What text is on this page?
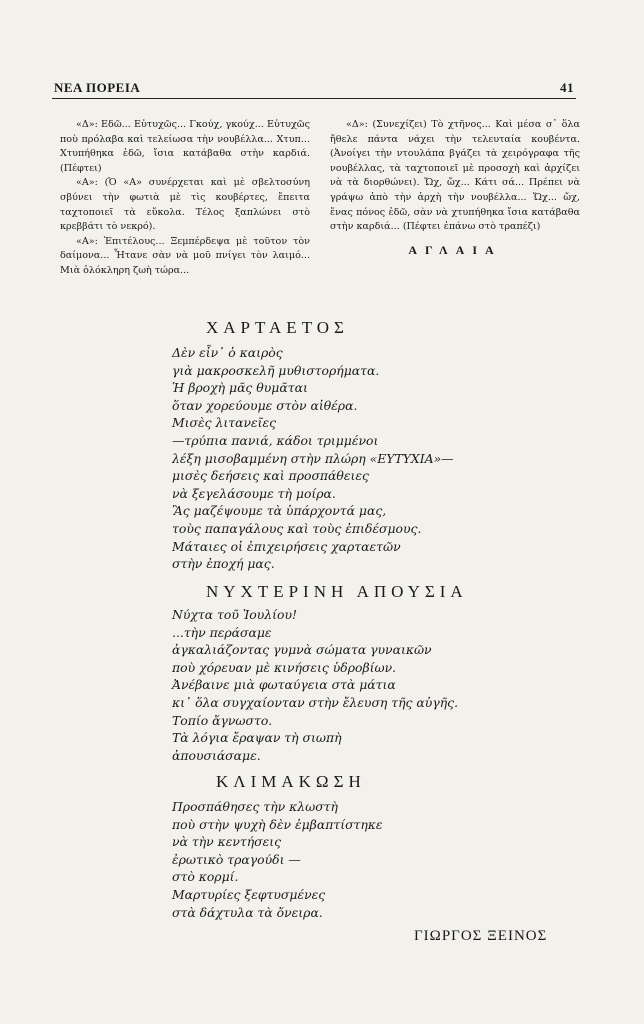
ΝΕΑ ΠΟΡΕΙΑ	41

«Δ»: Εδῶ... Εὐτυχῶς... Γκούχ, γκούχ... Εὐτυχῶς ποὺ πρόλαβα καὶ τελείωσα τὴν νουβέλλα... Χτυπ... Χτυπήθηκα ἐδῶ, ἴσια κατάβαθα στὴν καρδιά. (Πέφτει)

«Α»: (Ὁ «Α» συνέρχεται καὶ μὲ σβελτοσύνη σβύνει τὴν φωτιὰ μὲ τὶς κουβέρτες, ἔπειτα ταχτοποιεῖ τὰ εὔκολα. Τέλος ξαπλώνει στὸ κρεββάτι τὸ νεκρό).

«Α»: Ἐπιτέλους... Ξεμπέρδεψα μὲ τοῦτον τὸν δαίμονα... Ἦτανε σὰν νὰ μοῦ πνίγει τὸν λαιμό... Μιὰ ὁλόκληρη ζωὴ τώρα...

«Δ»: (Συνεχίζει) Τὸ χτῆνος... Καὶ μέσα σ᾽ ὅλα ἤθελε πάντα νάχει τὴν τελευταία κουβέντα. (Ἀνοίγει τὴν ντουλάπα βγάζει τὰ χειρόγραφα τῆς νουβέλλας, τὰ ταχτοποιεῖ μὲ προσοχὴ καὶ ἀρχίζει νὰ τὰ διορθώνει). Ὤχ, ὤχ... Κάτι σά... Πρέπει νὰ γράψω ἀπὸ τὴν ἀρχὴ τὴν νουβέλλα... Ὤχ... ὤχ, ἕνας πόνος ἐδῶ, σὰν νὰ χτυπήθηκα ἴσια κατάβαθα στὴν καρδιά... (Πέφτει ἐπάνω στὸ τραπέζι)

ΑΓΛΑΙΑ
ΧΑΡΤΑΕΤΟΣ
Δὲν εἶν᾽ ὁ καιρὸς
γιὰ μακροσκελῆ μυθιστορήματα.
Ἡ βροχὴ μᾶς θυμᾶται
ὅταν χορεύουμε στὸν αἰθέρα.
Μισὲς λιτανεῖες
—τρύπια πανιά, κάδοι τριμμένοι
λέξη μισοβαμμένη στὴν πλώρη «ΕΥΤΥΧΙΑ»—
μισὲς δεήσεις καὶ προσπάθειες
νὰ ξεγελάσουμε τὴ μοίρα.
Ἂς μαζέψουμε τὰ ὑπάρχοντά μας,
τοὺς παπαγάλους καὶ τοὺς ἐπιδέσμους.
Μάταιες οἱ ἐπιχειρήσεις χαρταετῶν
στὴν ἐποχή μας.
ΝΥΧΤΕΡΙΝΗ ΑΠΟΥΣΙΑ
Νύχτα τοῦ Ἰουλίου!
...τὴν περάσαμε
ἀγκαλιάζοντας γυμνὰ σώματα γυναικῶν
ποὺ χόρευαν μὲ κινήσεις ὑδροβίων.
Ἀνέβαινε μιὰ φωταύγεια στὰ μάτια
κι᾽ ὅλα συγχαίονταν στὴν ἔλευση τῆς αὐγῆς.
Τοπίο ἄγνωστο.
Τὰ λόγια ἔραψαν τὴ σιωπὴ
ἀπουσιάσαμε.
ΚΛΙΜΑΚΩΣΗ
Προσπάθησες τὴν κλωστὴ
ποὺ στὴν ψυχὴ δὲν ἐμβαπτίστηκε
νὰ τὴν κεντήσεις
ἐρωτικὸ τραγούδι —
στὸ κορμί.
Μαρτυρίες ξεφτυσμένες
στὰ δάχτυλα τὰ ὄνειρα.
ΓΙΩΡΓΟΣ ΞΕΙΝΟΣ
